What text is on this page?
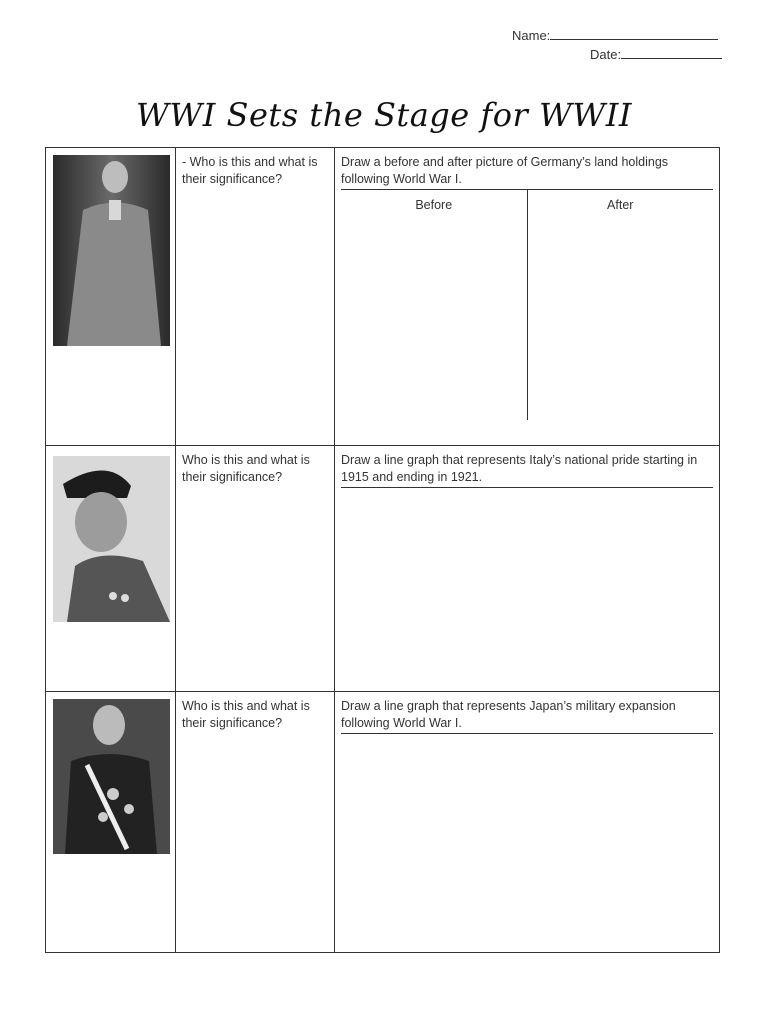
Name:
Date:
WWI Sets the Stage for WWII

- Who is this and what is their significance?	Draw a before and after picture of Germany’s land holdings following World War I.
Before After

Who is this and what is their significance?	Draw a line graph that represents Italy’s national pride starting in 1915 and ending in 1921.

Who is this and what is their significance?	Draw a line graph that represents Japan’s military expansion following World War I.
